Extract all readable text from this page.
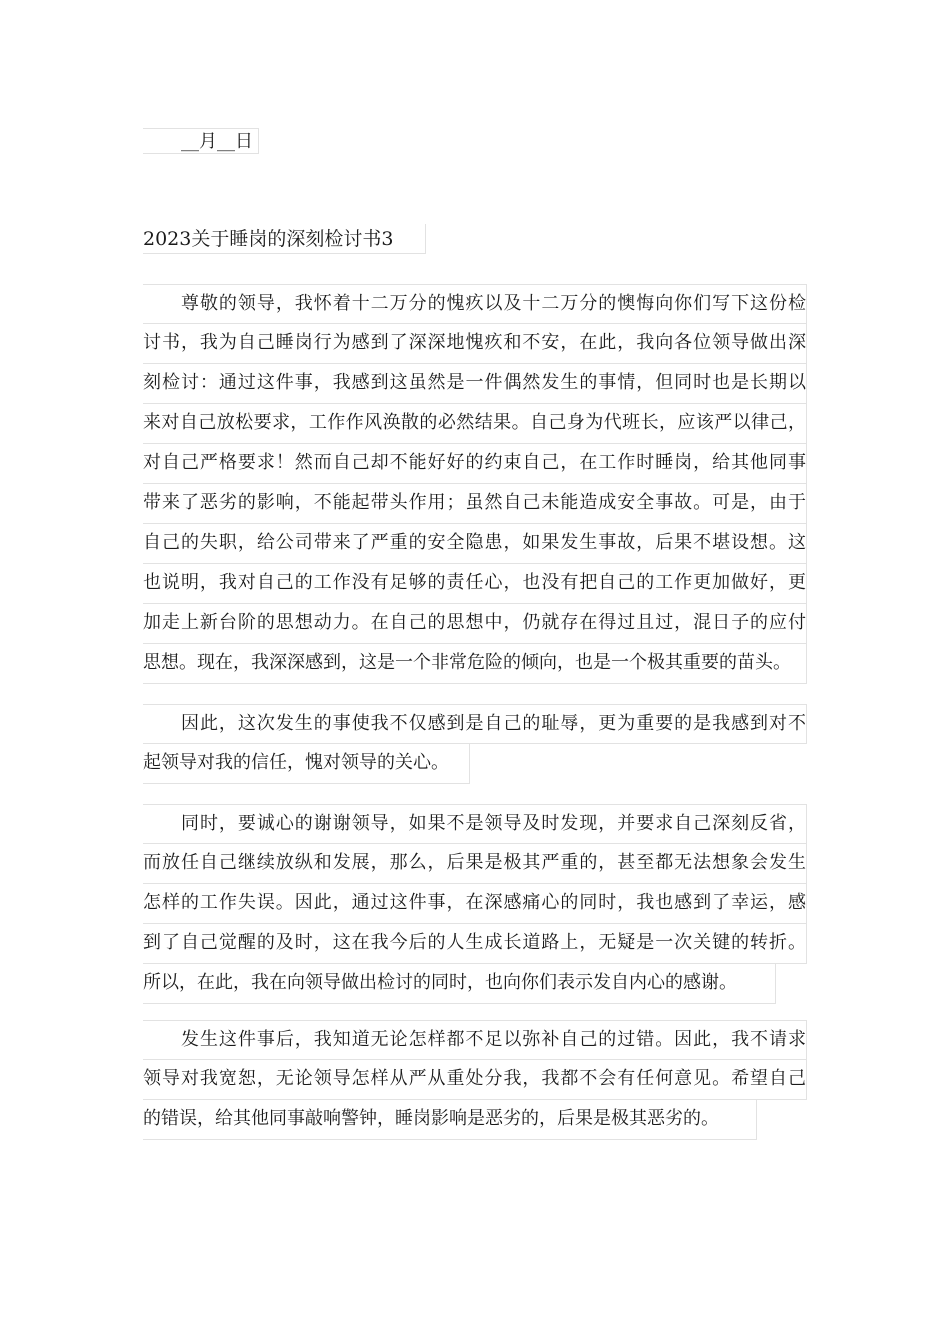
__月__日
2023关于睡岗的深刻检讨书3
尊敬的领导，我怀着十二万分的愧疚以及十二万分的懊悔向你们写下这份检
讨书，我为自己睡岗行为感到了深深地愧疚和不安，在此，我向各位领导做出深
刻检讨：通过这件事，我感到这虽然是一件偶然发生的事情，但同时也是长期以
来对自己放松要求，工作作风涣散的必然结果。自己身为代班长，应该严以律己，
对自己严格要求！然而自己却不能好好的约束自己，在工作时睡岗，给其他同事
带来了恶劣的影响，不能起带头作用；虽然自己未能造成安全事故。可是，由于
自己的失职，给公司带来了严重的安全隐患，如果发生事故，后果不堪设想。这
也说明，我对自己的工作没有足够的责任心，也没有把自己的工作更加做好，更
加走上新台阶的思想动力。在自己的思想中，仍就存在得过且过，混日子的应付
思想。现在，我深深感到，这是一个非常危险的倾向，也是一个极其重要的苗头。
因此，这次发生的事使我不仅感到是自己的耻辱，更为重要的是我感到对不
起领导对我的信任，愧对领导的关心。
同时，要诚心的谢谢领导，如果不是领导及时发现，并要求自己深刻反省，
而放任自己继续放纵和发展，那么，后果是极其严重的，甚至都无法想象会发生
怎样的工作失误。因此，通过这件事，在深感痛心的同时，我也感到了幸运，感
到了自己觉醒的及时，这在我今后的人生成长道路上，无疑是一次关键的转折。
所以，在此，我在向领导做出检讨的同时，也向你们表示发自内心的感谢。
发生这件事后，我知道无论怎样都不足以弥补自己的过错。因此，我不请求
领导对我宽恕，无论领导怎样从严从重处分我，我都不会有任何意见。希望自己
的错误，给其他同事敲响警钟，睡岗影响是恶劣的，后果是极其恶劣的。
